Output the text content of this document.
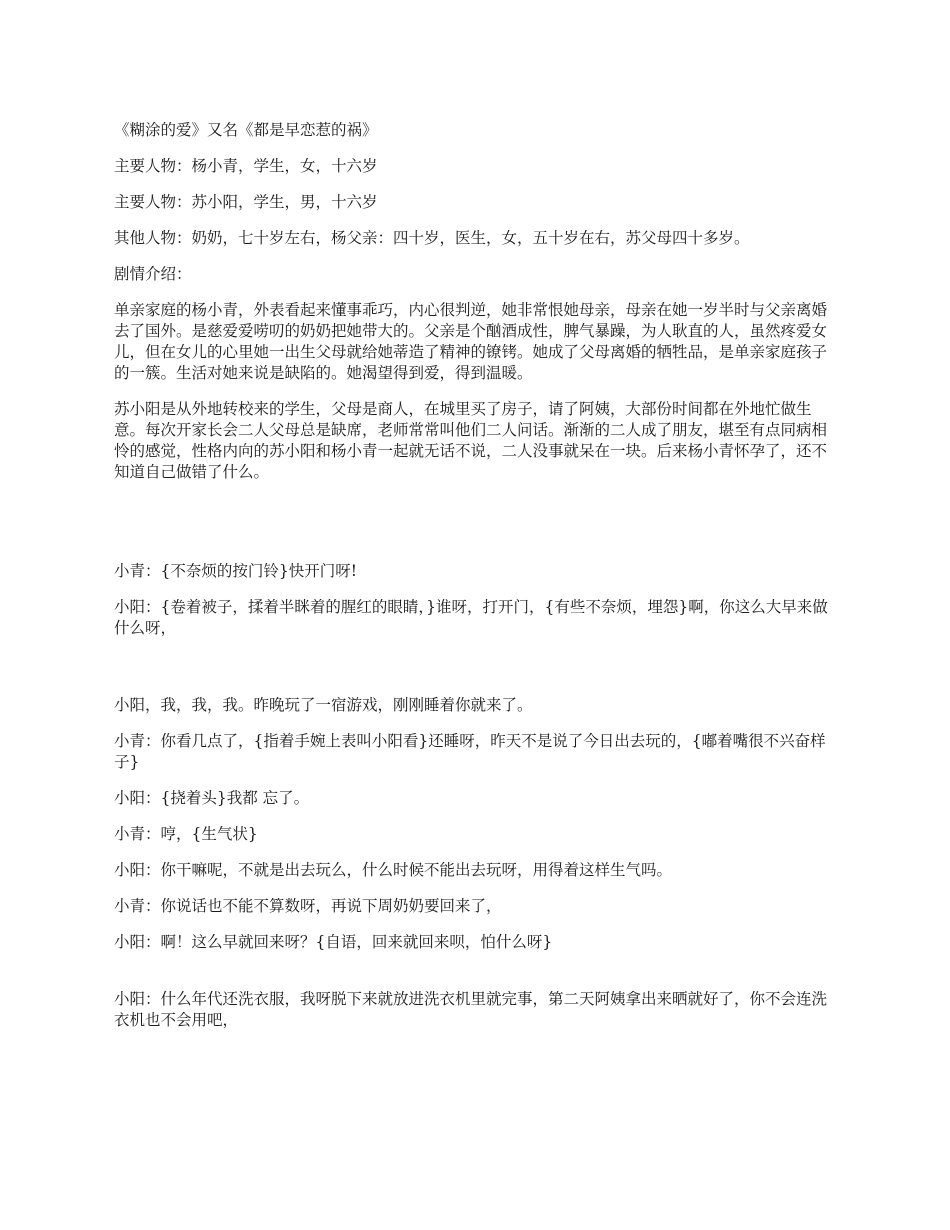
《糊涂的爱》又名《都是早恋惹的祸》

主要人物：杨小青，学生，女，十六岁

主要人物：苏小阳，学生，男，十六岁

其他人物：奶奶，七十岁左右，杨父亲：四十岁，医生，女，五十岁在右，苏父母四十多岁。

剧情介绍：

单亲家庭的杨小青，外表看起来懂事乖巧，内心很判逆，她非常恨她母亲，母亲在她一岁半时与父亲离婚去了国外。是慈爱爱唠叨的奶奶把她带大的。父亲是个酗酒成性，脾气暴躁，为人耿直的人，虽然疼爱女儿，但在女儿的心里她一出生父母就给她蒂造了精神的镣铐。她成了父母离婚的牺牲品，是单亲家庭孩子的一簇。生活对她来说是缺陷的。她渴望得到爱，得到温暖。

苏小阳是从外地转校来的学生，父母是商人，在城里买了房子，请了阿姨，大部份时间都在外地忙做生意。每次开家长会二人父母总是缺席，老师常常叫他们二人问话。渐渐的二人成了朋友，堪至有点同病相怜的感觉，性格内向的苏小阳和杨小青一起就无话不说，二人没事就呆在一块。后来杨小青怀孕了，还不知道自己做错了什么。

小青：{不奈烦的按门铃}快开门呀!

小阳：{卷着被子，揉着半眯着的腥红的眼睛，}谁呀，打开门，{有些不奈烦，埋怨}啊，你这么大早来做什么呀，

小阳，我，我，我。昨晚玩了一宿游戏，刚刚睡着你就来了。

小青：你看几点了，{指着手婉上表叫小阳看}还睡呀，昨天不是说了今日出去玩的，{嘟着嘴很不兴奋样子}

小阳：{挠着头}我都 忘了。

小青：哼，{生气状}

小阳：你干嘛呢，不就是出去玩么，什么时候不能出去玩呀，用得着这样生气吗。

小青：你说话也不能不算数呀，再说下周奶奶要回来了，

小阳：啊！这么早就回来呀？{自语，回来就回来呗，怕什么呀}

小阳：什么年代还洗衣服，我呀脱下来就放进洗衣机里就完事，第二天阿姨拿出来晒就好了，你不会连洗衣机也不会用吧，
